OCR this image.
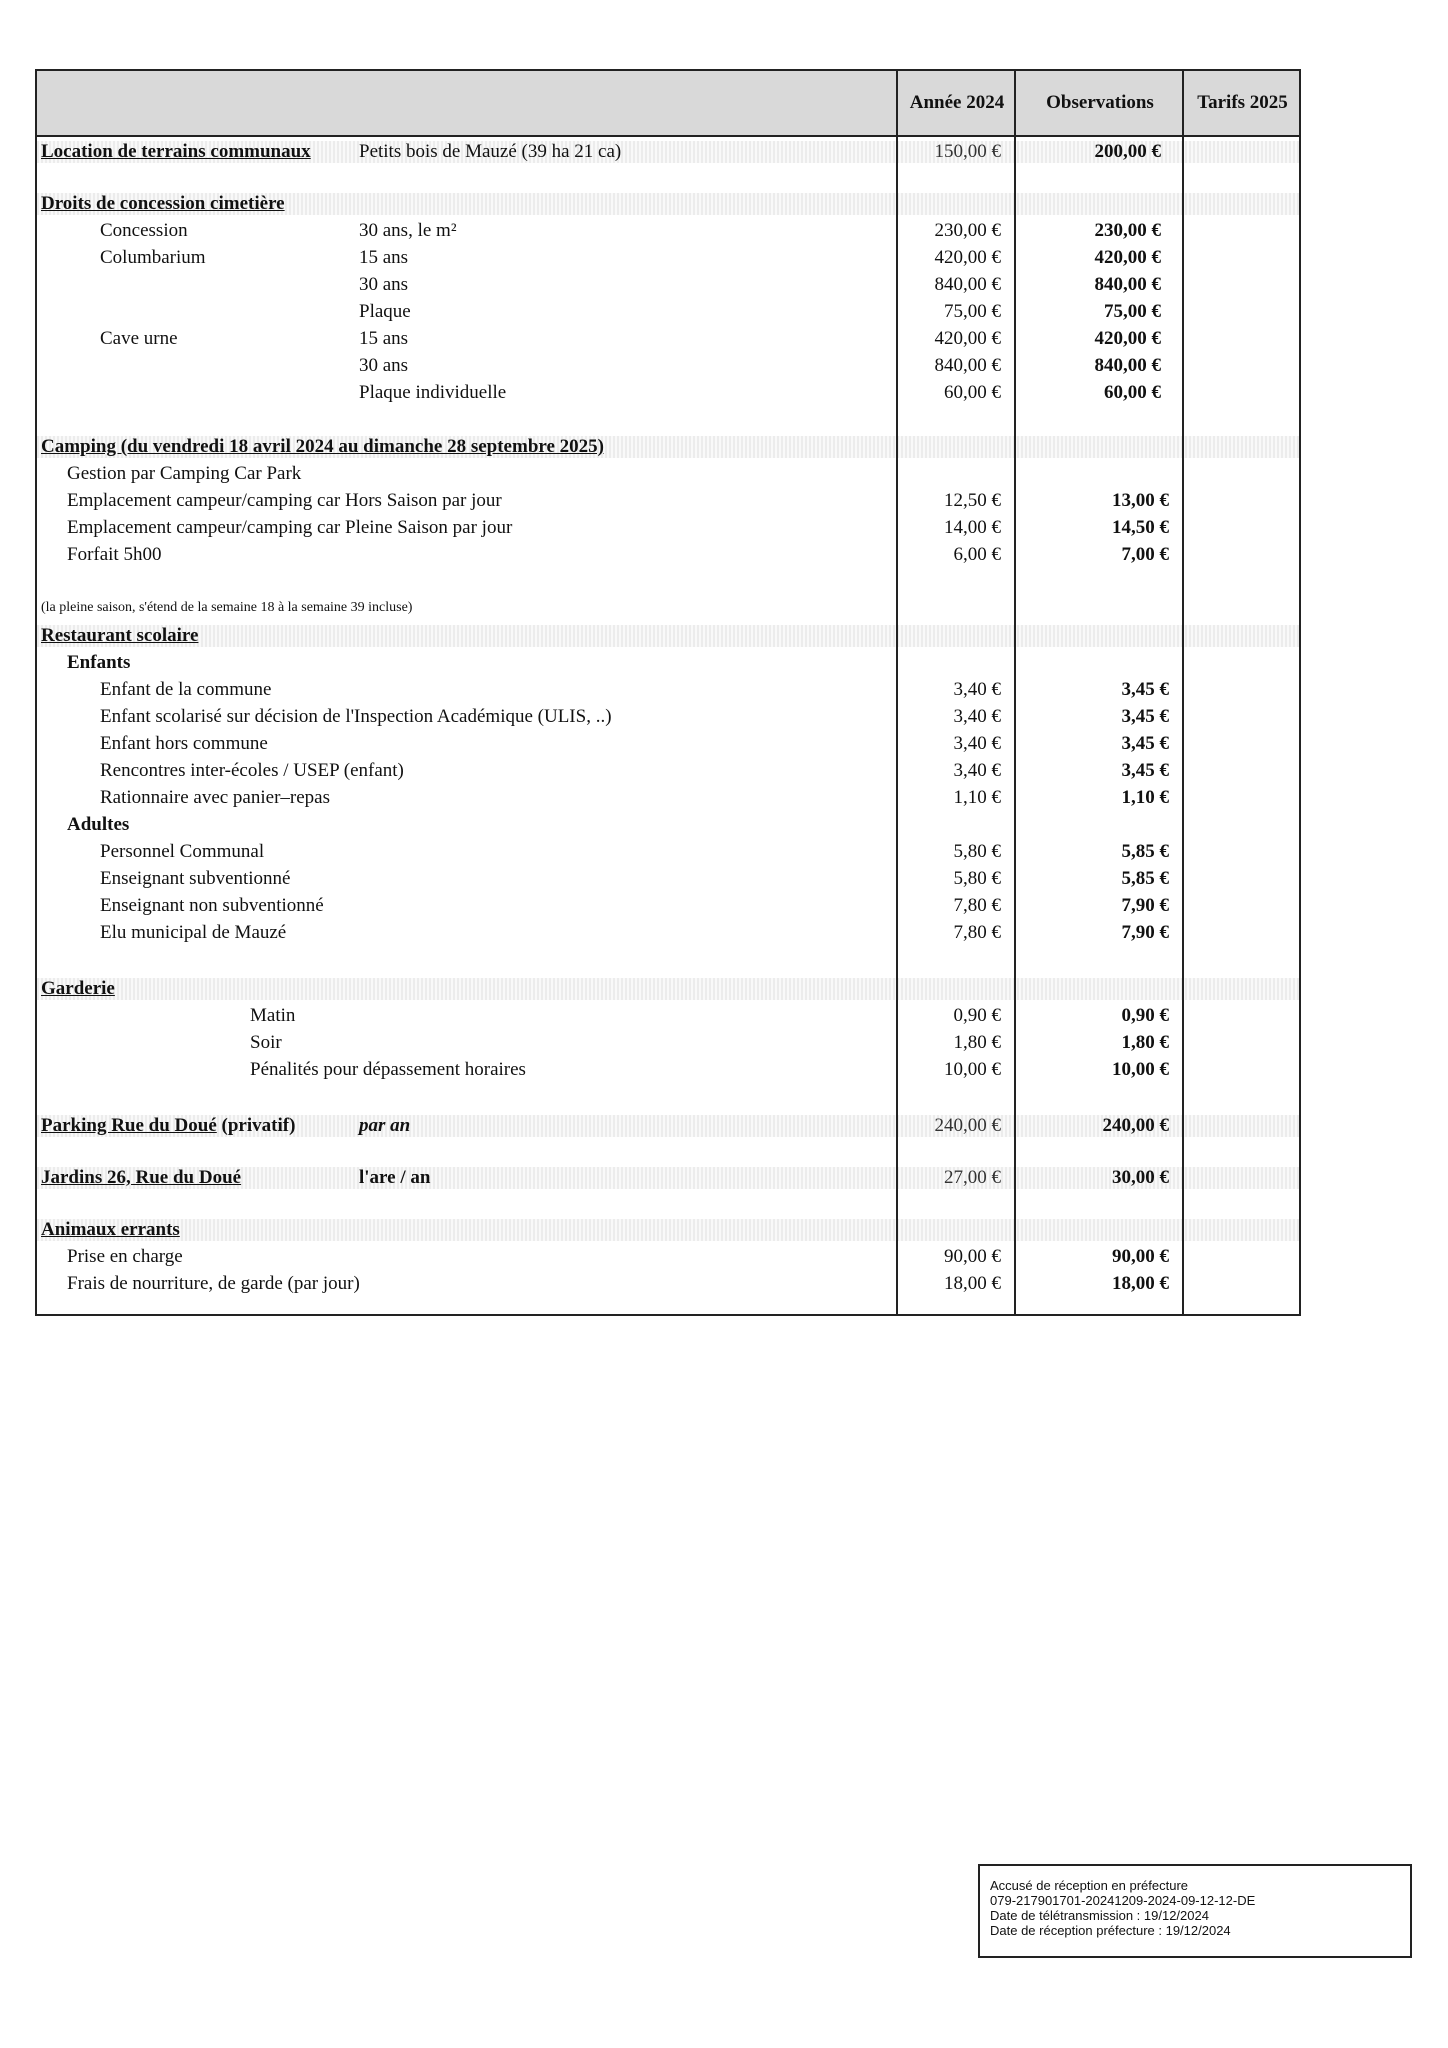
Année 2024	Observations	Tarifs 2025
Location de terrains communaux	Petits bois de Mauzé (39 ha 21 ca)	150,00 €	200,00 €
Droits de concession cimetière
Concession	30 ans, le m²	230,00 €	230,00 €
Columbarium	15 ans	420,00 €	420,00 €
30 ans	840,00 €	840,00 €
Plaque	75,00 €	75,00 €
Cave urne	15 ans	420,00 €	420,00 €
30 ans	840,00 €	840,00 €
Plaque individuelle	60,00 €	60,00 €
Camping (du vendredi 18 avril 2024 au dimanche 28 septembre 2025)
Gestion par Camping Car Park
Emplacement campeur/camping car Hors Saison par jour	12,50 €	13,00 €
Emplacement campeur/camping car Pleine Saison par jour	14,00 €	14,50 €
Forfait 5h00	6,00 €	7,00 €
(la pleine saison, s'étend de la semaine 18 à la semaine 39 incluse)
Restaurant scolaire
Enfants
Enfant de la commune	3,40 €	3,45 €
Enfant scolarisé sur décision de l'Inspection Académique (ULIS, ..)	3,40 €	3,45 €
Enfant hors commune	3,40 €	3,45 €
Rencontres inter-écoles / USEP (enfant)	3,40 €	3,45 €
Rationnaire avec panier–repas	1,10 €	1,10 €
Adultes
Personnel Communal	5,80 €	5,85 €
Enseignant subventionné	5,80 €	5,85 €
Enseignant non subventionné	7,80 €	7,90 €
Elu municipal de Mauzé	7,80 €	7,90 €
Garderie
Matin	0,90 €	0,90 €
Soir	1,80 €	1,80 €
Pénalités pour dépassement horaires	10,00 €	10,00 €
Parking Rue du Doué (privatif)	par an	240,00 €	240,00 €
Jardins 26, Rue du Doué	l'are / an	27,00 €	30,00 €
Animaux errants
Prise en charge	90,00 €	90,00 €
Frais de nourriture, de garde (par jour)	18,00 €	18,00 €
Accusé de réception en préfecture
079-217901701-20241209-2024-09-12-12-DE
Date de télétransmission : 19/12/2024
Date de réception préfecture : 19/12/2024
